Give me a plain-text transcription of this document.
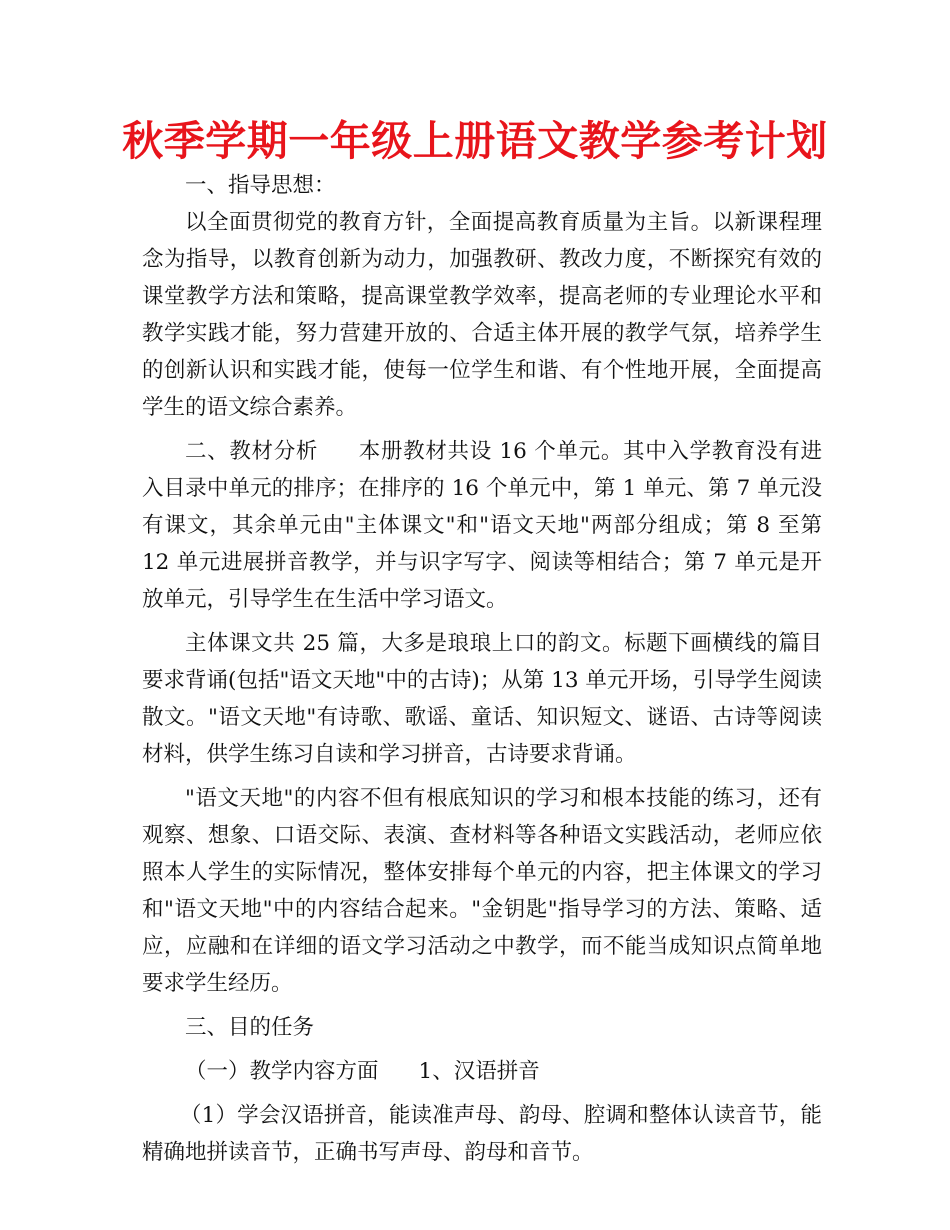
秋季学期一年级上册语文教学参考计划

一、指导思想：

以全面贯彻党的教育方针，全面提高教育质量为主旨。以新课程理念为指导，以教育创新为动力，加强教研、教改力度，不断探究有效的课堂教学方法和策略，提高课堂教学效率，提高老师的专业理论水平和教学实践才能，努力营建开放的、合适主体开展的教学气氛，培养学生的创新认识和实践才能，使每一位学生和谐、有个性地开展，全面提高学生的语文综合素养。

二、教材分析 本册教材共设 16 个单元。其中入学教育没有进入目录中单元的排序；在排序的 16 个单元中，第 1 单元、第 7 单元没有课文，其余单元由"主体课文"和"语文天地"两部分组成；第 8 至第 12 单元进展拼音教学，并与识字写字、阅读等相结合；第 7 单元是开放单元，引导学生在生活中学习语文。

主体课文共 25 篇，大多是琅琅上口的韵文。标题下画横线的篇目要求背诵(包括"语文天地"中的古诗)；从第 13 单元开场，引导学生阅读散文。"语文天地"有诗歌、歌谣、童话、知识短文、谜语、古诗等阅读材料，供学生练习自读和学习拼音，古诗要求背诵。

"语文天地"的内容不但有根底知识的学习和根本技能的练习，还有观察、想象、口语交际、表演、查材料等各种语文实践活动，老师应依照本人学生的实际情况，整体安排每个单元的内容，把主体课文的学习和"语文天地"中的内容结合起来。"金钥匙"指导学习的方法、策略、适应，应融和在详细的语文学习活动之中教学，而不能当成知识点简单地要求学生经历。

三、目的任务

（一）教学内容方面 1、汉语拼音

（1）学会汉语拼音，能读准声母、韵母、腔调和整体认读音节，能精确地拼读音节，正确书写声母、韵母和音节。
